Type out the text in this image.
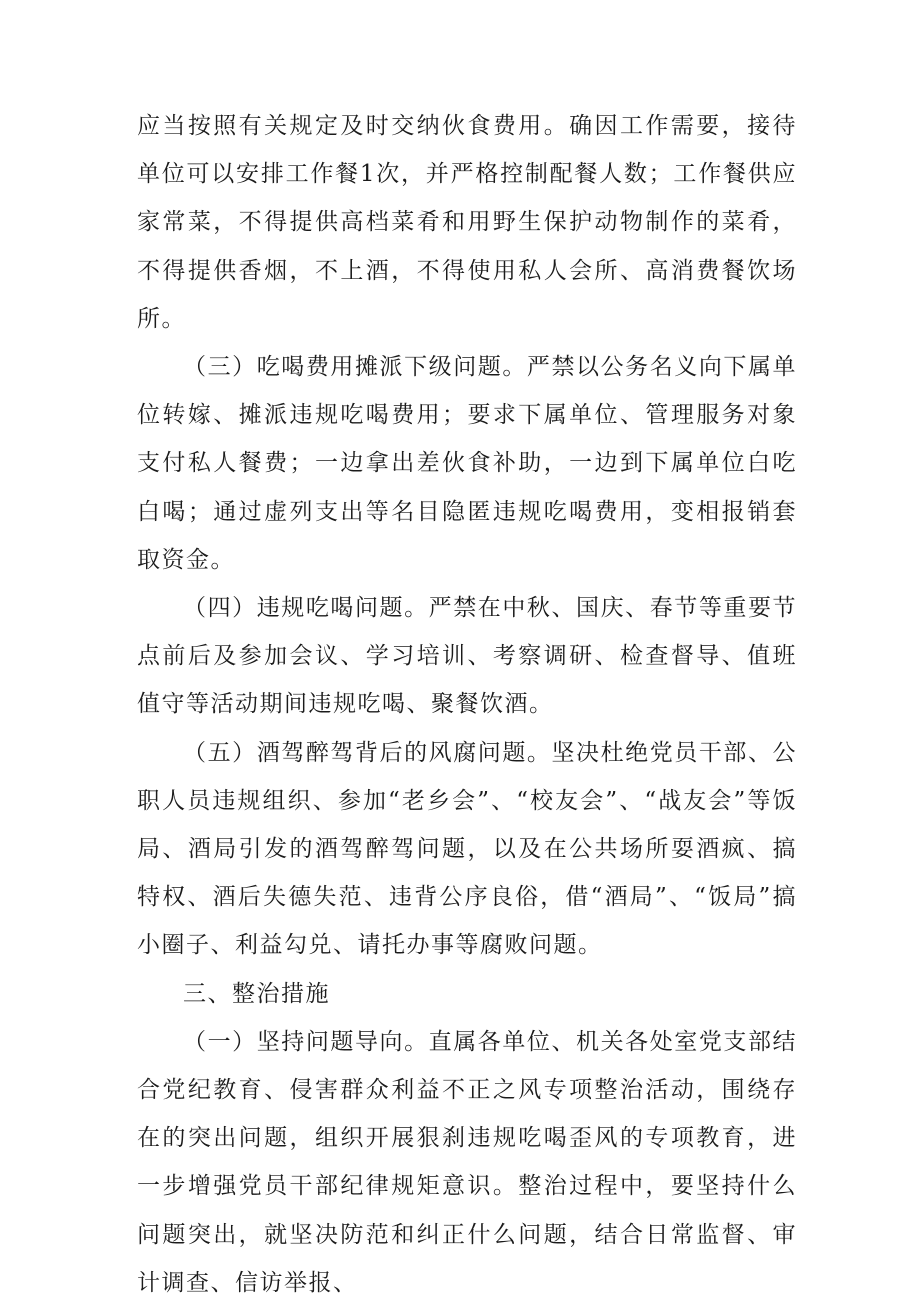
应当按照有关规定及时交纳伙食费用。确因工作需要，接待单位可以安排工作餐1次，并严格控制配餐人数；工作餐供应家常菜，不得提供高档菜肴和用野生保护动物制作的菜肴，不得提供香烟，不上酒，不得使用私人会所、高消费餐饮场所。

（三）吃喝费用摊派下级问题。严禁以公务名义向下属单位转嫁、摊派违规吃喝费用；要求下属单位、管理服务对象支付私人餐费；一边拿出差伙食补助，一边到下属单位白吃白喝；通过虚列支出等名目隐匿违规吃喝费用，变相报销套取资金。

（四）违规吃喝问题。严禁在中秋、国庆、春节等重要节点前后及参加会议、学习培训、考察调研、检查督导、值班值守等活动期间违规吃喝、聚餐饮酒。

（五）酒驾醉驾背后的风腐问题。坚决杜绝党员干部、公职人员违规组织、参加“老乡会”、“校友会”、“战友会”等饭局、酒局引发的酒驾醉驾问题，以及在公共场所耍酒疯、搞特权、酒后失德失范、违背公序良俗，借“酒局”、“饭局”搞小圈子、利益勾兑、请托办事等腐败问题。

三、整治措施

（一）坚持问题导向。直属各单位、机关各处室党支部结合党纪教育、侵害群众利益不正之风专项整治活动，围绕存在的突出问题，组织开展狠刹违规吃喝歪风的专项教育，进一步增强党员干部纪律规矩意识。整治过程中，要坚持什么问题突出，就坚决防范和纠正什么问题，结合日常监督、审计调查、信访举报、
